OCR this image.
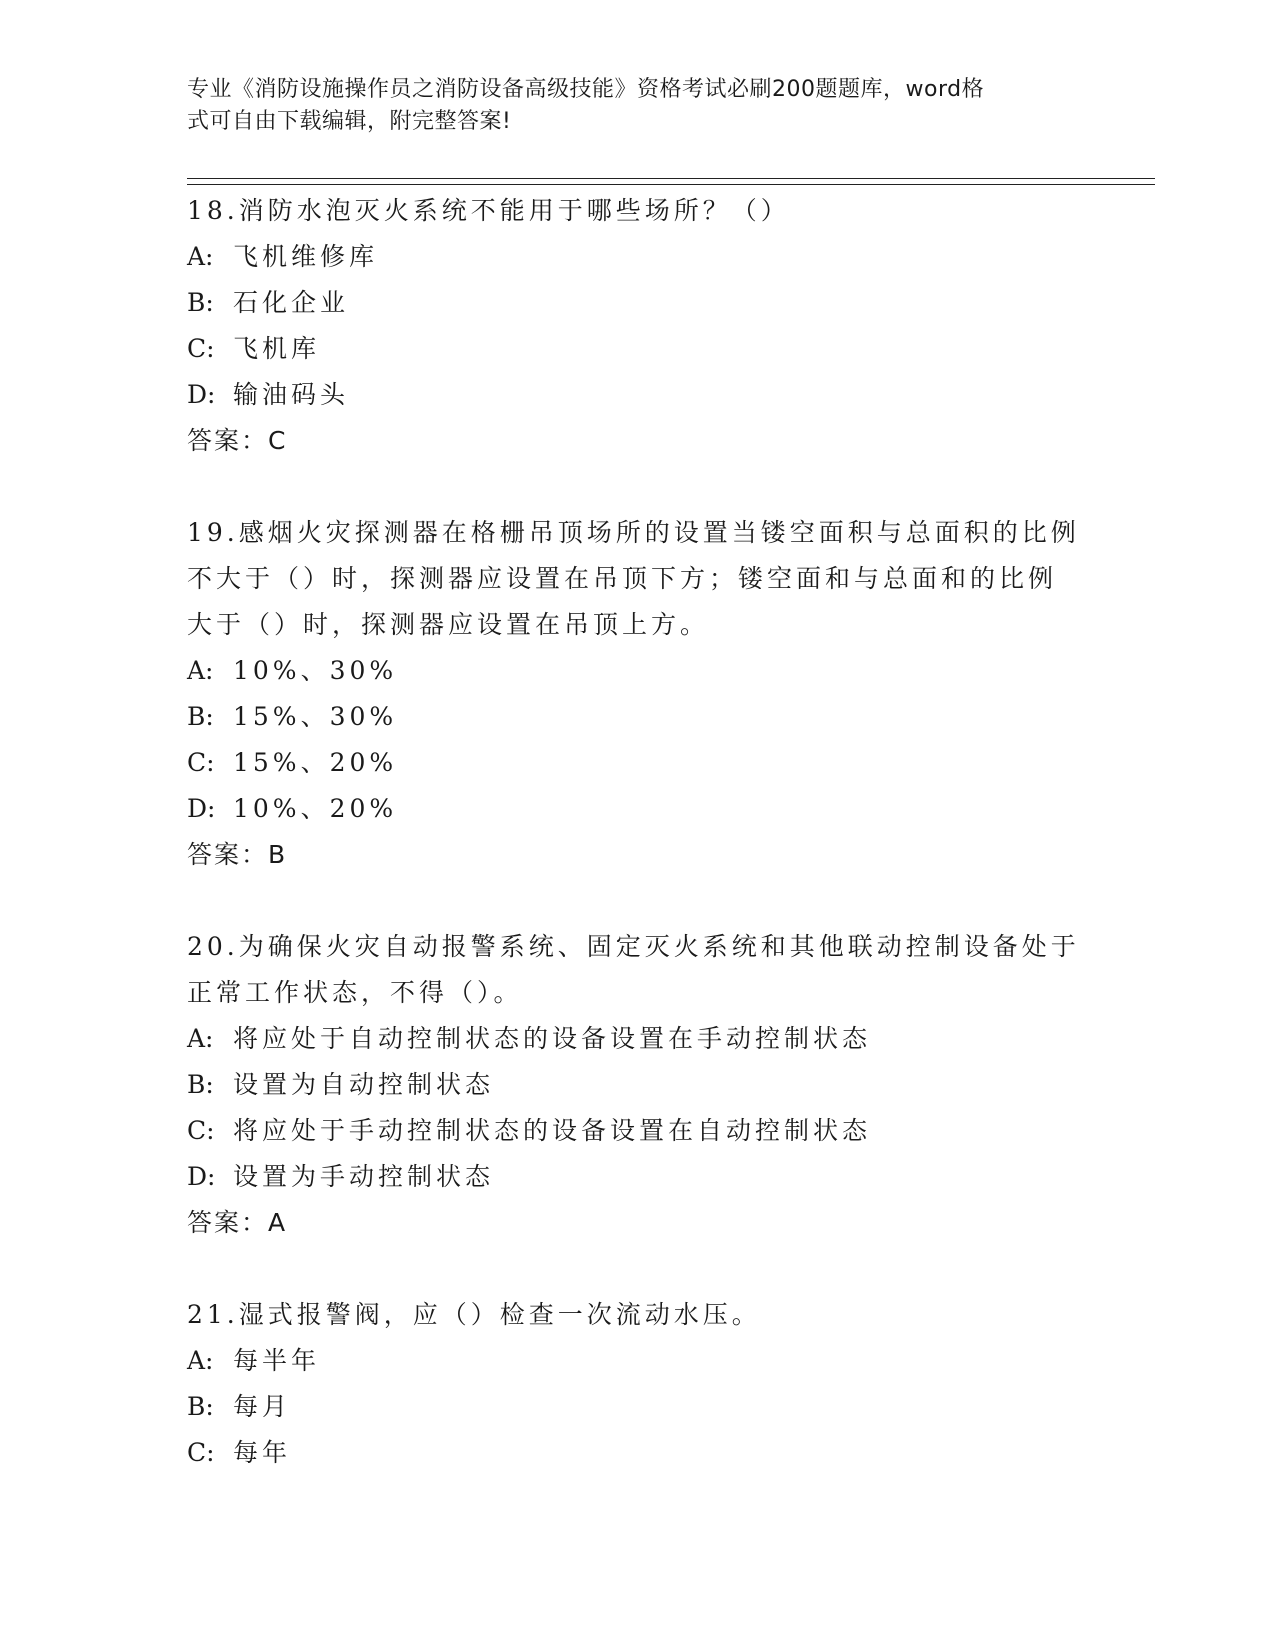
专业《消防设施操作员之消防设备高级技能》资格考试必刷200题题库，word格
式可自由下载编辑，附完整答案!
18.消防水泡灭火系统不能用于哪些场所？（）
A: 飞机维修库
B: 石化企业
C: 飞机库
D: 输油码头
答案：C
19.感烟火灾探测器在格栅吊顶场所的设置当镂空面积与总面积的比例
不大于（）时，探测器应设置在吊顶下方；镂空面和与总面和的比例
大于（）时，探测器应设置在吊顶上方。
A: 10%、30%
B: 15%、30%
C: 15%、20%
D: 10%、20%
答案：B
20.为确保火灾自动报警系统、固定灭火系统和其他联动控制设备处于
正常工作状态，不得（）。
A: 将应处于自动控制状态的设备设置在手动控制状态
B: 设置为自动控制状态
C: 将应处于手动控制状态的设备设置在自动控制状态
D: 设置为手动控制状态
答案：A
21.湿式报警阀，应（）检查一次流动水压。
A: 每半年
B: 每月
C: 每年
